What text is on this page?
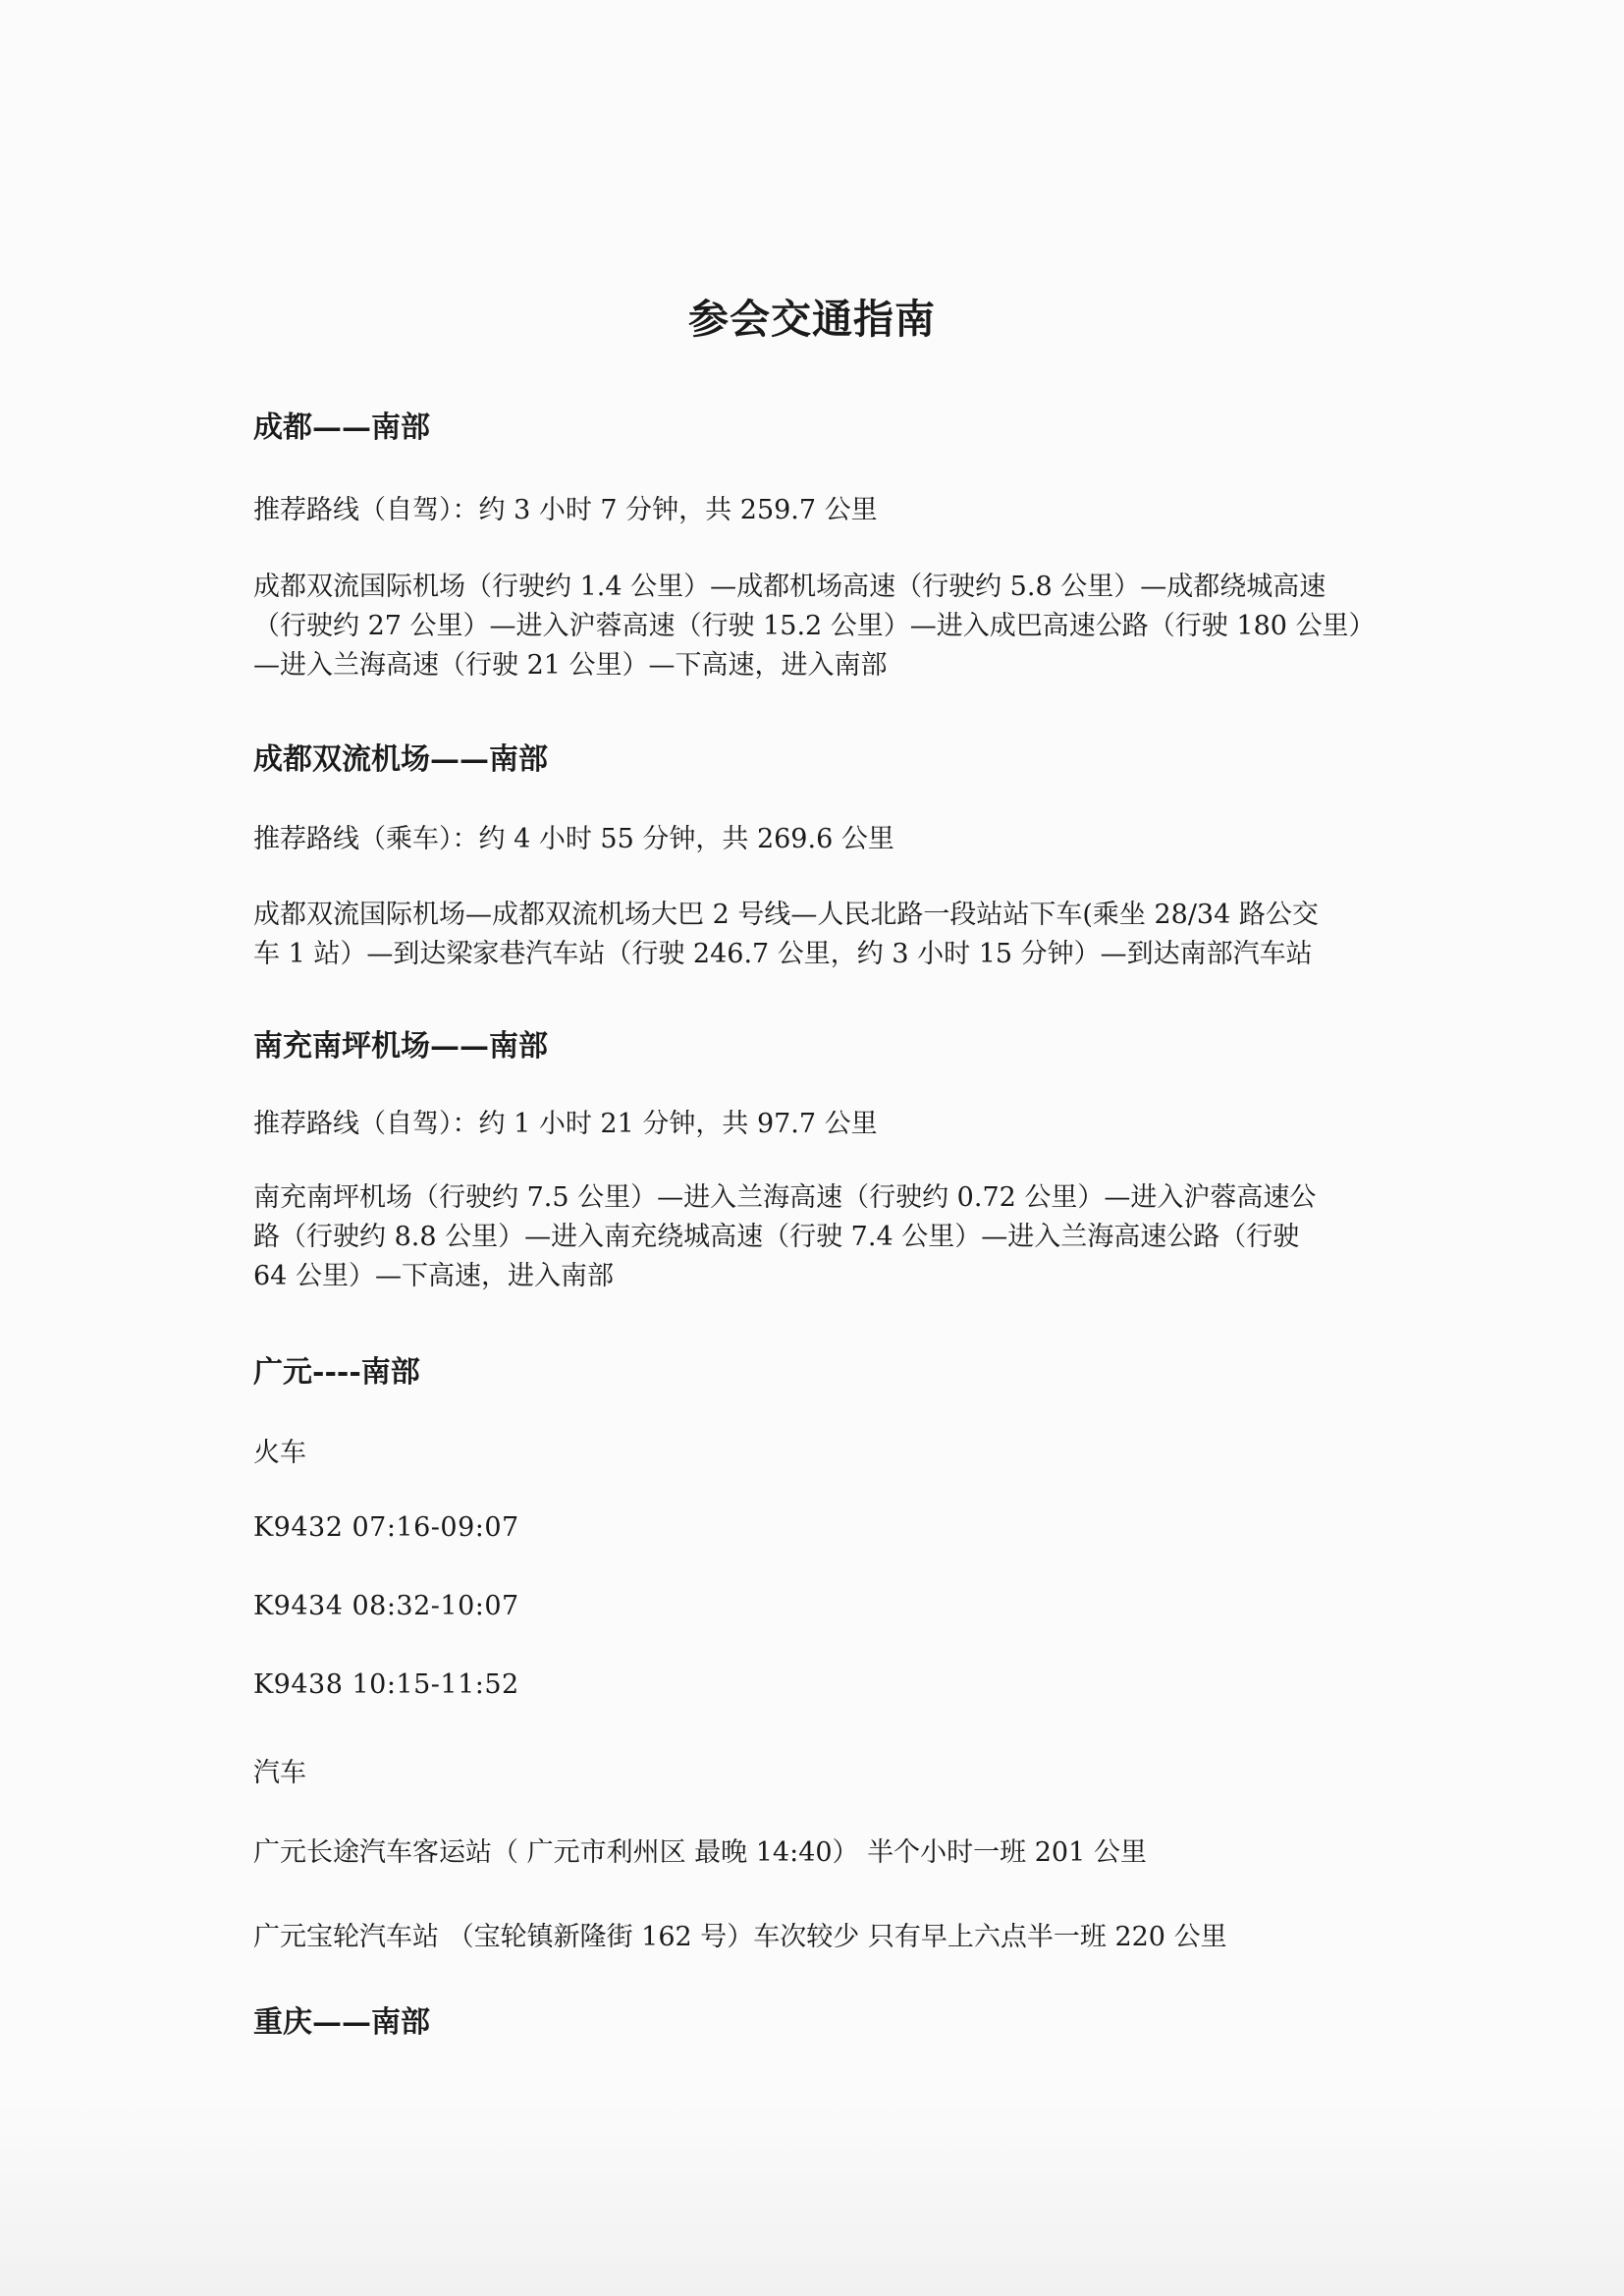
参会交通指南
成都——南部
推荐路线（自驾）：约 3 小时 7 分钟，共 259.7 公里
成都双流国际机场（行驶约 1.4 公里）—成都机场高速（行驶约 5.8 公里）—成都绕城高速
（行驶约 27 公里）—进入沪蓉高速（行驶 15.2 公里）—进入成巴高速公路（行驶 180 公里）
—进入兰海高速（行驶 21 公里）—下高速，进入南部
成都双流机场——南部
推荐路线（乘车）：约 4 小时 55 分钟，共 269.6 公里
成都双流国际机场—成都双流机场大巴 2 号线—人民北路一段站站下车(乘坐 28/34 路公交
车 1 站）—到达梁家巷汽车站（行驶 246.7 公里，约 3 小时 15 分钟）—到达南部汽车站
南充南坪机场——南部
推荐路线（自驾）：约 1 小时 21 分钟，共 97.7 公里
南充南坪机场（行驶约 7.5 公里）—进入兰海高速（行驶约 0.72 公里）—进入沪蓉高速公
路（行驶约 8.8 公里）—进入南充绕城高速（行驶 7.4 公里）—进入兰海高速公路（行驶
64 公里）—下高速，进入南部
广元----南部
火车
K9432 07:16-09:07
K9434 08:32-10:07
K9438 10:15-11:52
汽车
广元长途汽车客运站（ 广元市利州区 最晚 14:40） 半个小时一班 201 公里
广元宝轮汽车站 （宝轮镇新隆街 162 号）车次较少 只有早上六点半一班 220 公里
重庆——南部
